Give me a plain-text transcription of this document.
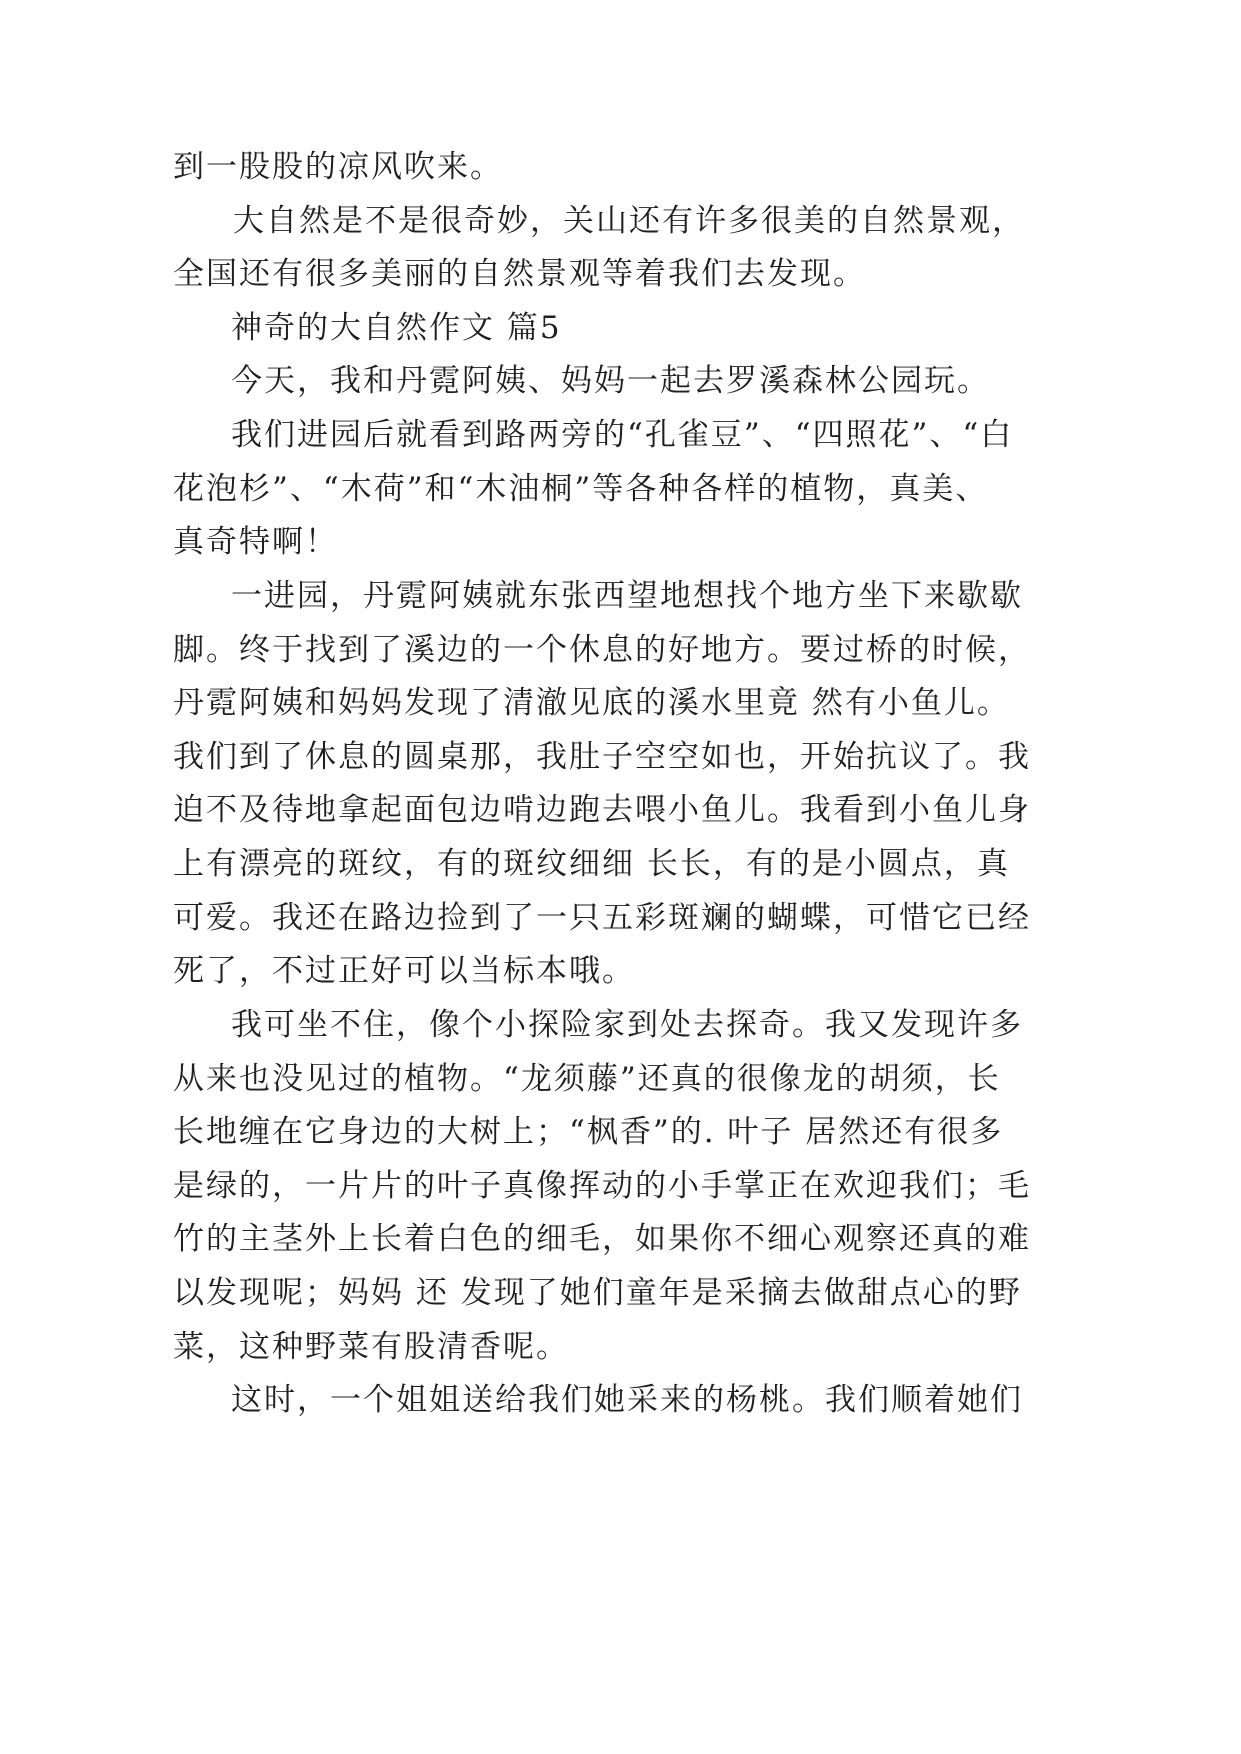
到一股股的凉风吹来。

大自然是不是很奇妙，关山还有许多很美的自然景观，

全国还有很多美丽的自然景观等着我们去发现。

神奇的大自然作文 篇5

今天，我和丹霓阿姨、妈妈一起去罗溪森林公园玩。

我们进园后就看到路两旁的“孔雀豆”、“四照花”、“白

花泡杉”、“木荷”和“木油桐”等各种各样的植物，真美、

真奇特啊！

一进园，丹霓阿姨就东张西望地想找个地方坐下来歇歇

脚。终于找到了溪边的一个休息的好地方。要过桥的时候，

丹霓阿姨和妈妈发现了清澈见底的溪水里竟 然有小鱼儿。

我们到了休息的圆桌那，我肚子空空如也，开始抗议了。我

迫不及待地拿起面包边啃边跑去喂小鱼儿。我看到小鱼儿身

上有漂亮的斑纹，有的斑纹细细 长长，有的是小圆点，真

可爱。我还在路边捡到了一只五彩斑斓的蝴蝶，可惜它已经

死了，不过正好可以当标本哦。

我可坐不住，像个小探险家到处去探奇。我又发现许多

从来也没见过的植物。“龙须藤”还真的很像龙的胡须，长

长地缠在它身边的大树上；“枫香”的. 叶子 居然还有很多

是绿的，一片片的叶子真像挥动的小手掌正在欢迎我们；毛

竹的主茎外上长着白色的细毛，如果你不细心观察还真的难

以发现呢；妈妈 还 发现了她们童年是采摘去做甜点心的野

菜，这种野菜有股清香呢。

这时，一个姐姐送给我们她采来的杨桃。我们顺着她们
